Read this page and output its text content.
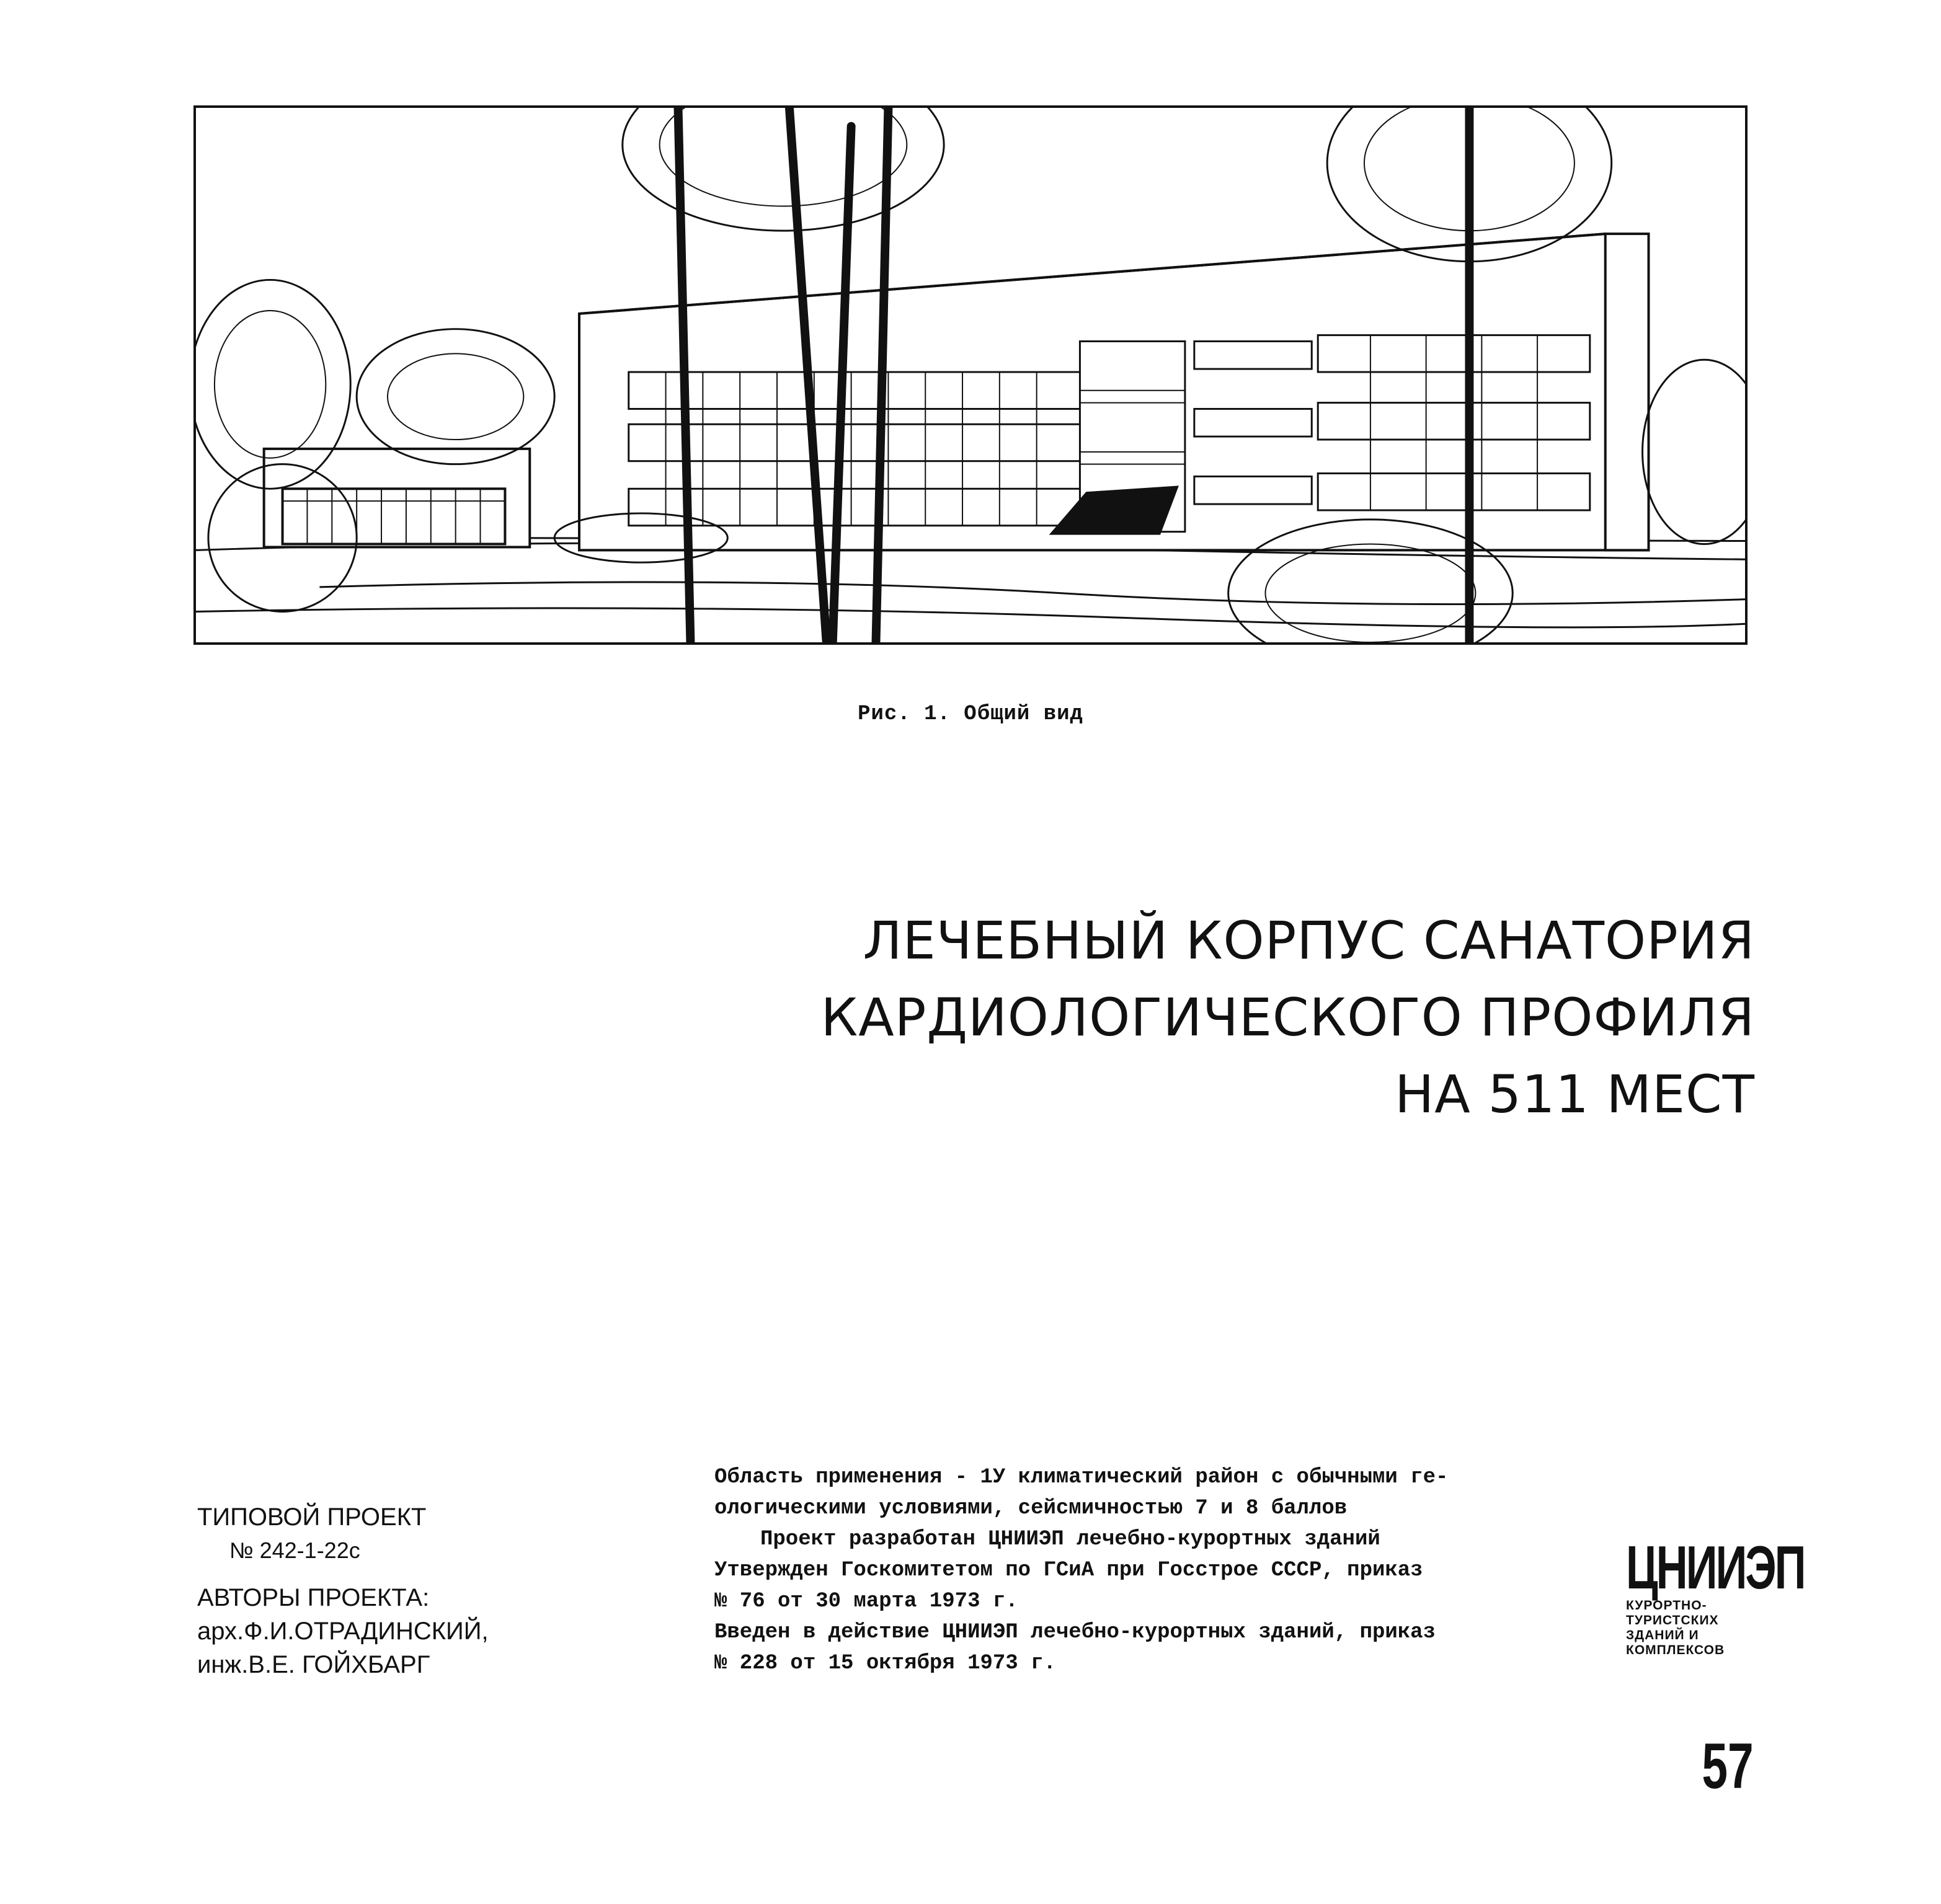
Рис. 1. Общий вид
ЛЕЧЕБНЫЙ КОРПУС САНАТОРИЯ
КАРДИОЛОГИЧЕСКОГО ПРОФИЛЯ
НА 511 МЕСТ
ТИПОВОЙ ПРОЕКТ
№ 242-1-22с
АВТОРЫ ПРОЕКТА:
арх.Ф.И.ОТРАДИНСКИЙ,
инж.В.Е. ГОЙХБАРГ

Область применения - 1У климатический район с обычными ге-

ологическими условиями, сейсмичностью 7 и 8 баллов

Проект разработан ЦНИИЭП лечебно-курортных зданий

Утвержден Госкомитетом по ГСиА при Госстрое СССР, приказ

№ 76 от 30 марта 1973 г.

Введен в действие ЦНИИЭП лечебно-курортных зданий, приказ

№ 228 от 15 октября 1973 г.

ЦНИИЭП
КУРОРТНО-
ТУРИСТСКИХ
ЗДАНИЙ И
КОМПЛЕКСОВ
57
